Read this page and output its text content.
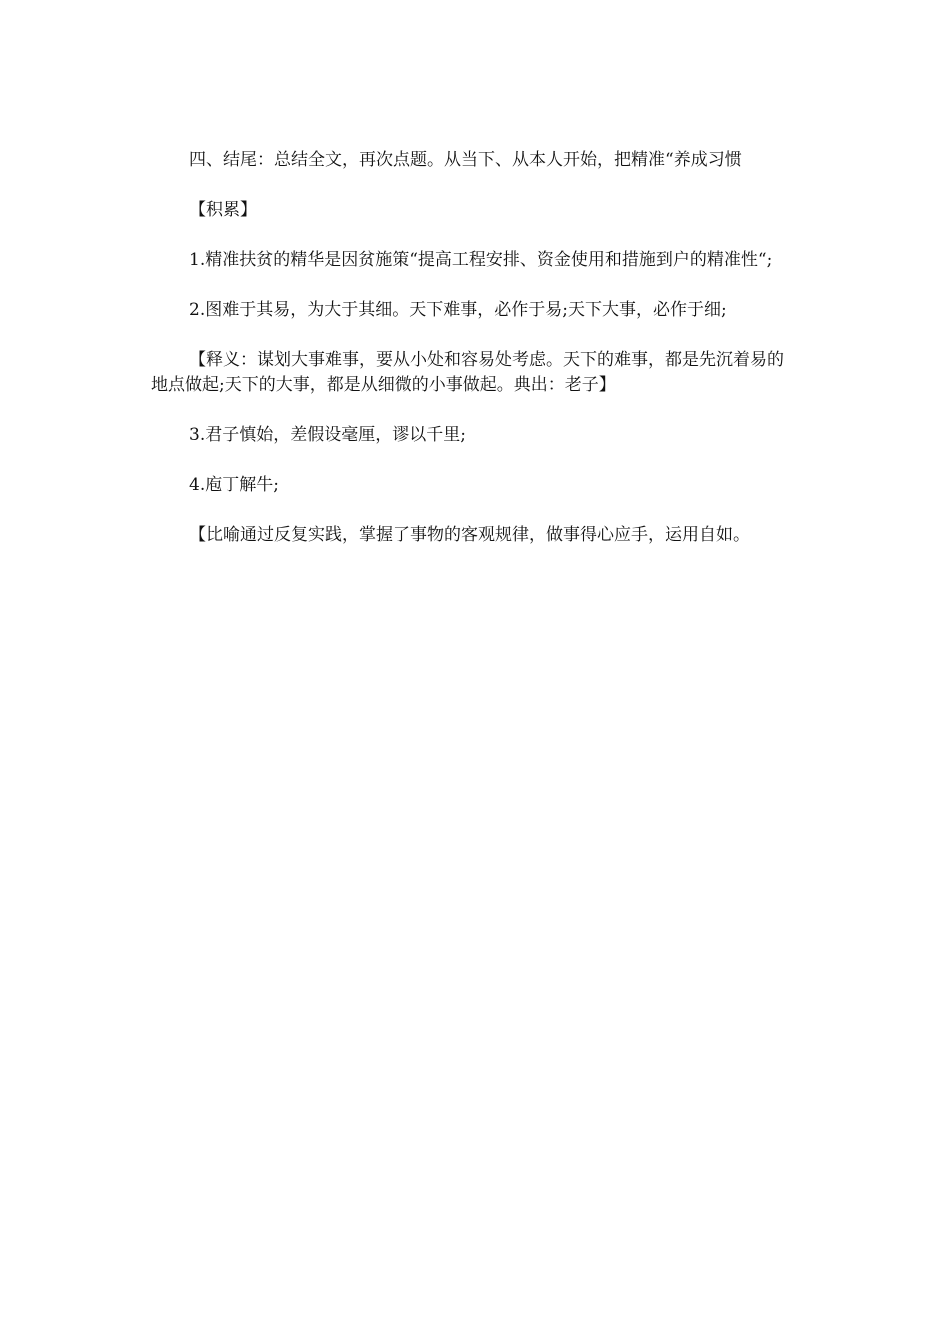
四、结尾：总结全文，再次点题。从当下、从本人开始，把精准“养成习惯

【积累】

1.精准扶贫的精华是因贫施策“提高工程安排、资金使用和措施到户的精准性“;

2.图难于其易，为大于其细。天下难事，必作于易;天下大事，必作于细;

【释义：谋划大事难事，要从小处和容易处考虑。天下的难事，都是先沉着易的地点做起;天下的大事，都是从细微的小事做起。典出：老子】

3.君子慎始，差假设毫厘，谬以千里;

4.庖丁解牛;

【比喻通过反复实践，掌握了事物的客观规律，做事得心应手，运用自如。
